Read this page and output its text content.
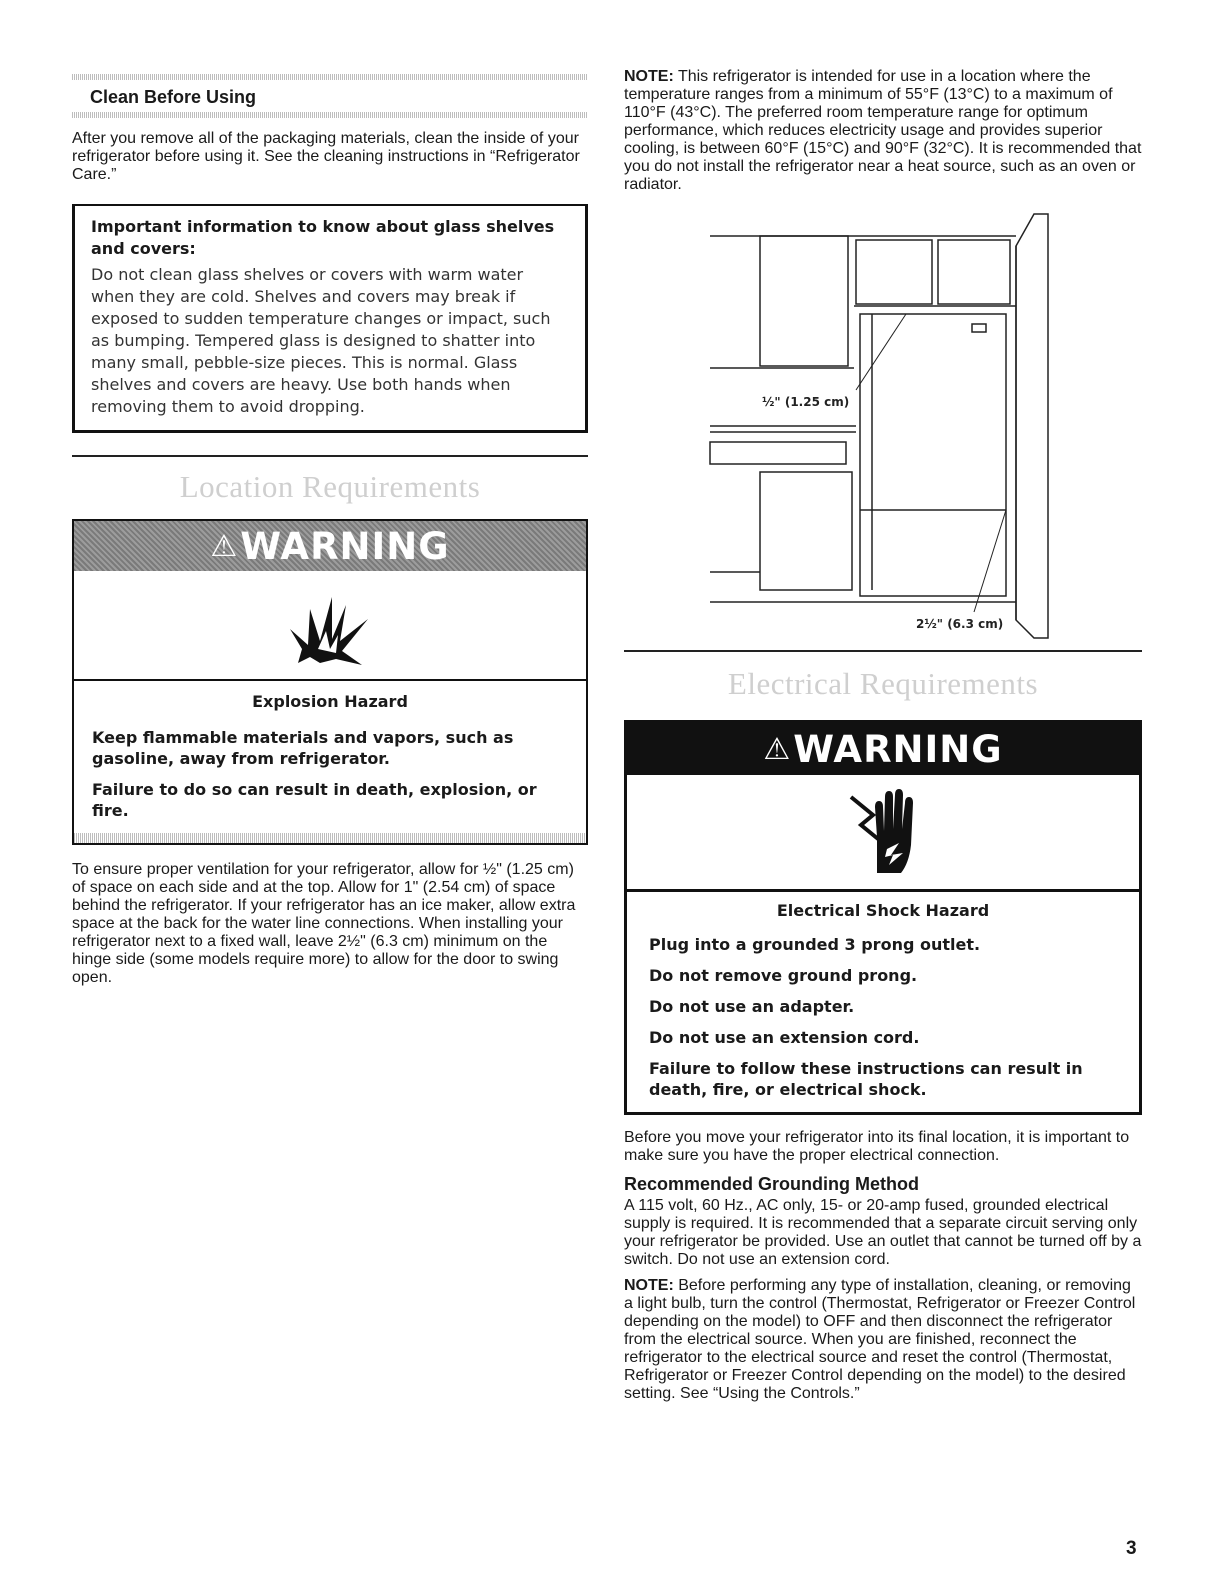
Clean Before Using

After you remove all of the packaging materials, clean the inside of your refrigerator before using it. See the cleaning instructions in “Refrigerator Care.”

Important information to know about glass shelves and covers:
Do not clean glass shelves or covers with warm water when they are cold. Shelves and covers may break if exposed to sudden temperature changes or impact, such as bumping. Tempered glass is designed to shatter into many small, pebble-size pieces. This is normal. Glass shelves and covers are heavy. Use both hands when removing them to avoid dropping.
Location Requirements
⚠ WARNING
Explosion Hazard
Keep flammable materials and vapors, such as gasoline, away from refrigerator.
Failure to do so can result in death, explosion, or fire.

To ensure proper ventilation for your refrigerator, allow for ½" (1.25 cm) of space on each side and at the top. Allow for 1" (2.54 cm) of space behind the refrigerator. If your refrigerator has an ice maker, allow extra space at the back for the water line connections. When installing your refrigerator next to a fixed wall, leave 2½" (6.3 cm) minimum on the hinge side (some models require more) to allow for the door to swing open.

NOTE: This refrigerator is intended for use in a location where the temperature ranges from a minimum of 55°F (13°C) to a maximum of 110°F (43°C). The preferred room temperature range for optimum performance, which reduces electricity usage and provides superior cooling, is between 60°F (15°C) and 90°F (32°C). It is recommended that you do not install the refrigerator near a heat source, such as an oven or radiator.

½" (1.25 cm)
2½" (6.3 cm)
Electrical Requirements
⚠ WARNING
Electrical Shock Hazard
Plug into a grounded 3 prong outlet.
Do not remove ground prong.
Do not use an adapter.
Do not use an extension cord.
Failure to follow these instructions can result in death, fire, or electrical shock.

Before you move your refrigerator into its final location, it is important to make sure you have the proper electrical connection.

Recommended Grounding Method

A 115 volt, 60 Hz., AC only, 15- or 20-amp fused, grounded electrical supply is required. It is recommended that a separate circuit serving only your refrigerator be provided. Use an outlet that cannot be turned off by a switch. Do not use an extension cord.

NOTE: Before performing any type of installation, cleaning, or removing a light bulb, turn the control (Thermostat, Refrigerator or Freezer Control depending on the model) to OFF and then disconnect the refrigerator from the electrical source. When you are finished, reconnect the refrigerator to the electrical source and reset the control (Thermostat, Refrigerator or Freezer Control depending on the model) to the desired setting. See “Using the Controls.”

3
